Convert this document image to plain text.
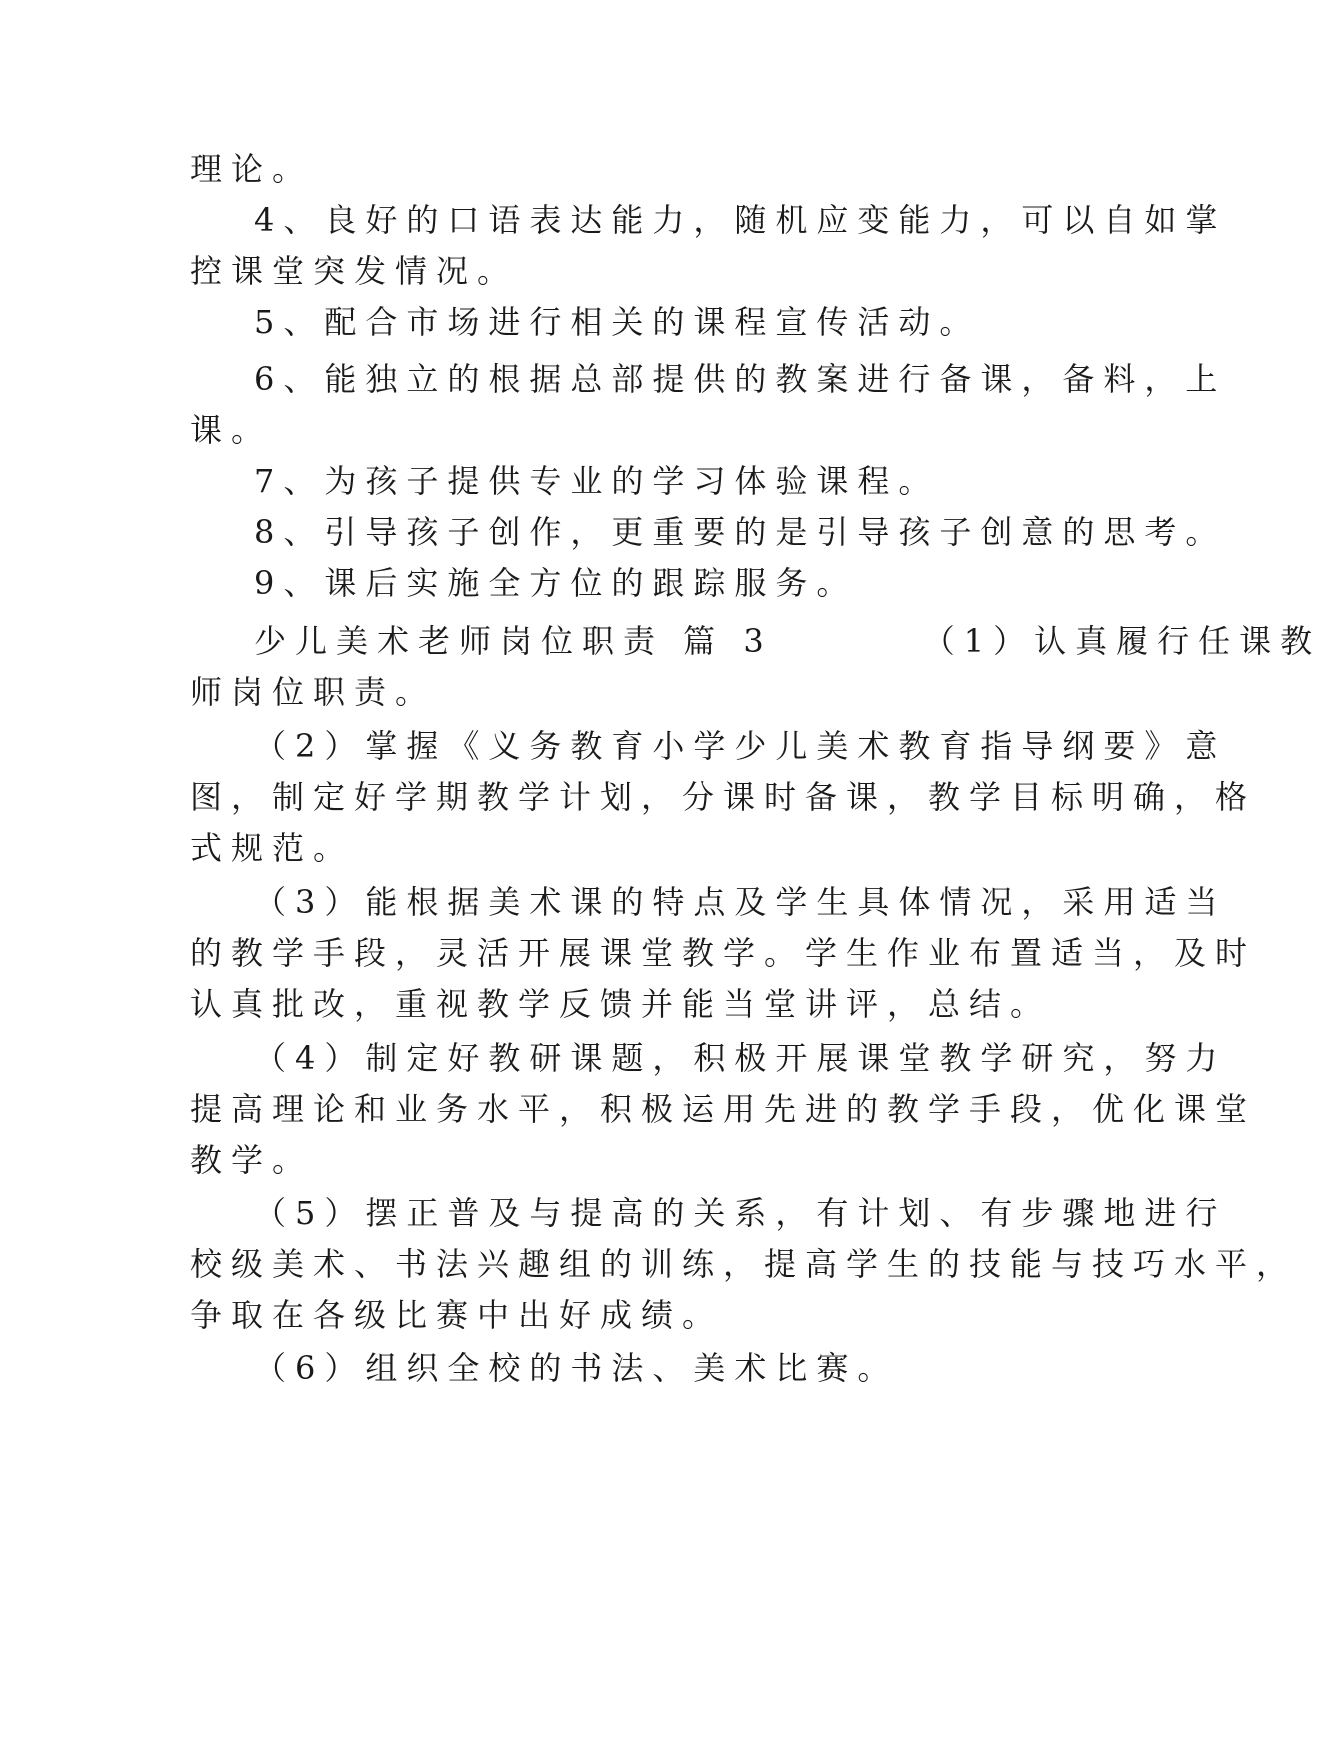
理论。

4、良好的口语表达能力，随机应变能力，可以自如掌

控课堂突发情况。

5、配合市场进行相关的课程宣传活动。

6、能独立的根据总部提供的教案进行备课，备料，上

课。

7、为孩子提供专业的学习体验课程。

8、引导孩子创作，更重要的是引导孩子创意的思考。

9、课后实施全方位的跟踪服务。

少儿美术老师岗位职责 篇 3	（1）认真履行任课教

师岗位职责。

（2）掌握《义务教育小学少儿美术教育指导纲要》意

图，制定好学期教学计划，分课时备课，教学目标明确，格

式规范。

（3）能根据美术课的特点及学生具体情况，采用适当

的教学手段，灵活开展课堂教学。学生作业布置适当，及时

认真批改，重视教学反馈并能当堂讲评，总结。

（4）制定好教研课题，积极开展课堂教学研究，努力

提高理论和业务水平，积极运用先进的教学手段，优化课堂

教学。

（5）摆正普及与提高的关系，有计划、有步骤地进行

校级美术、书法兴趣组的训练，提高学生的技能与技巧水平，

争取在各级比赛中出好成绩。

（6）组织全校的书法、美术比赛。
